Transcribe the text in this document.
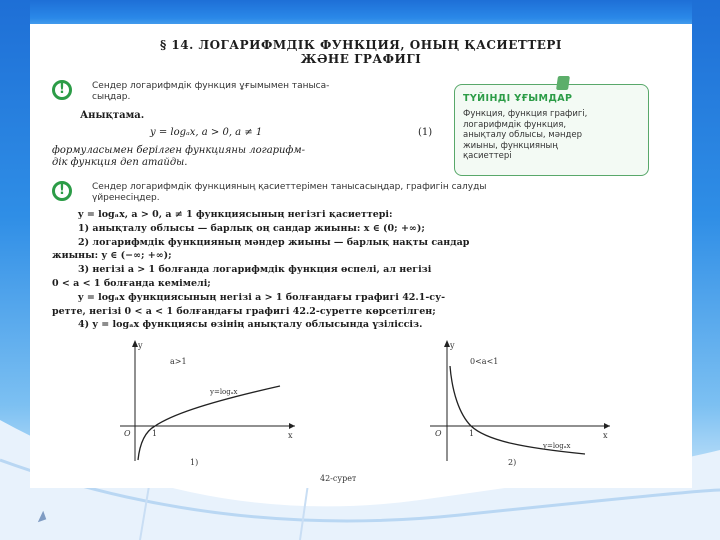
§ 14. ЛОГАРИФМДІК ФУНКЦИЯ, ОНЫҢ ҚАСИЕТТЕРІ
ЖӘНЕ ГРАФИГІ
!	Сендер логарифмдік функция ұғымымен таныса-
сыңдар.
Анықтама.
y = logₐx, a > 0, a ≠ 1	(1)
формуласымен берілген функцияны логарифм-
дік функция деп атайды.
ТҮЙІНДІ ҰҒЫМДАР
Функция, функция графигі,
логарифмдік функция,
анықталу облысы, мәндер
жиыны, функцияның
қасиеттері
!	Сендер логарифмдік функцияның қасиеттерімен танысасыңдар, графигін салуды
үйренесіңдер.
y = logₐx, a > 0, a ≠ 1 функциясының негізгі қасиеттері:
1) анықталу облысы — барлық оң сандар жиыны: x ∈ (0; +∞);
2) логарифмдік функцияның мәндер жиыны — барлық нақты сандар
жиыны: y ∈ (−∞; +∞);
3) негізі a > 1 болғанда логарифмдік функция өспелі, ал негізі
0 < a < 1 болғанда кемімелі;
y = logₐx функциясының негізі a > 1 болғандағы графигі 42.1-су-
ретте, негізі 0 < a < 1 болғандағы графигі 42.2-суретте көрсетілген;
4) y = logₐx функциясы өзінің анықталу облысында үзіліссіз.
y
a>1
y=logₐx
O	1	x
1)
y
0<a<1
y=logₐx
O	1	x
2)
42-сурет
